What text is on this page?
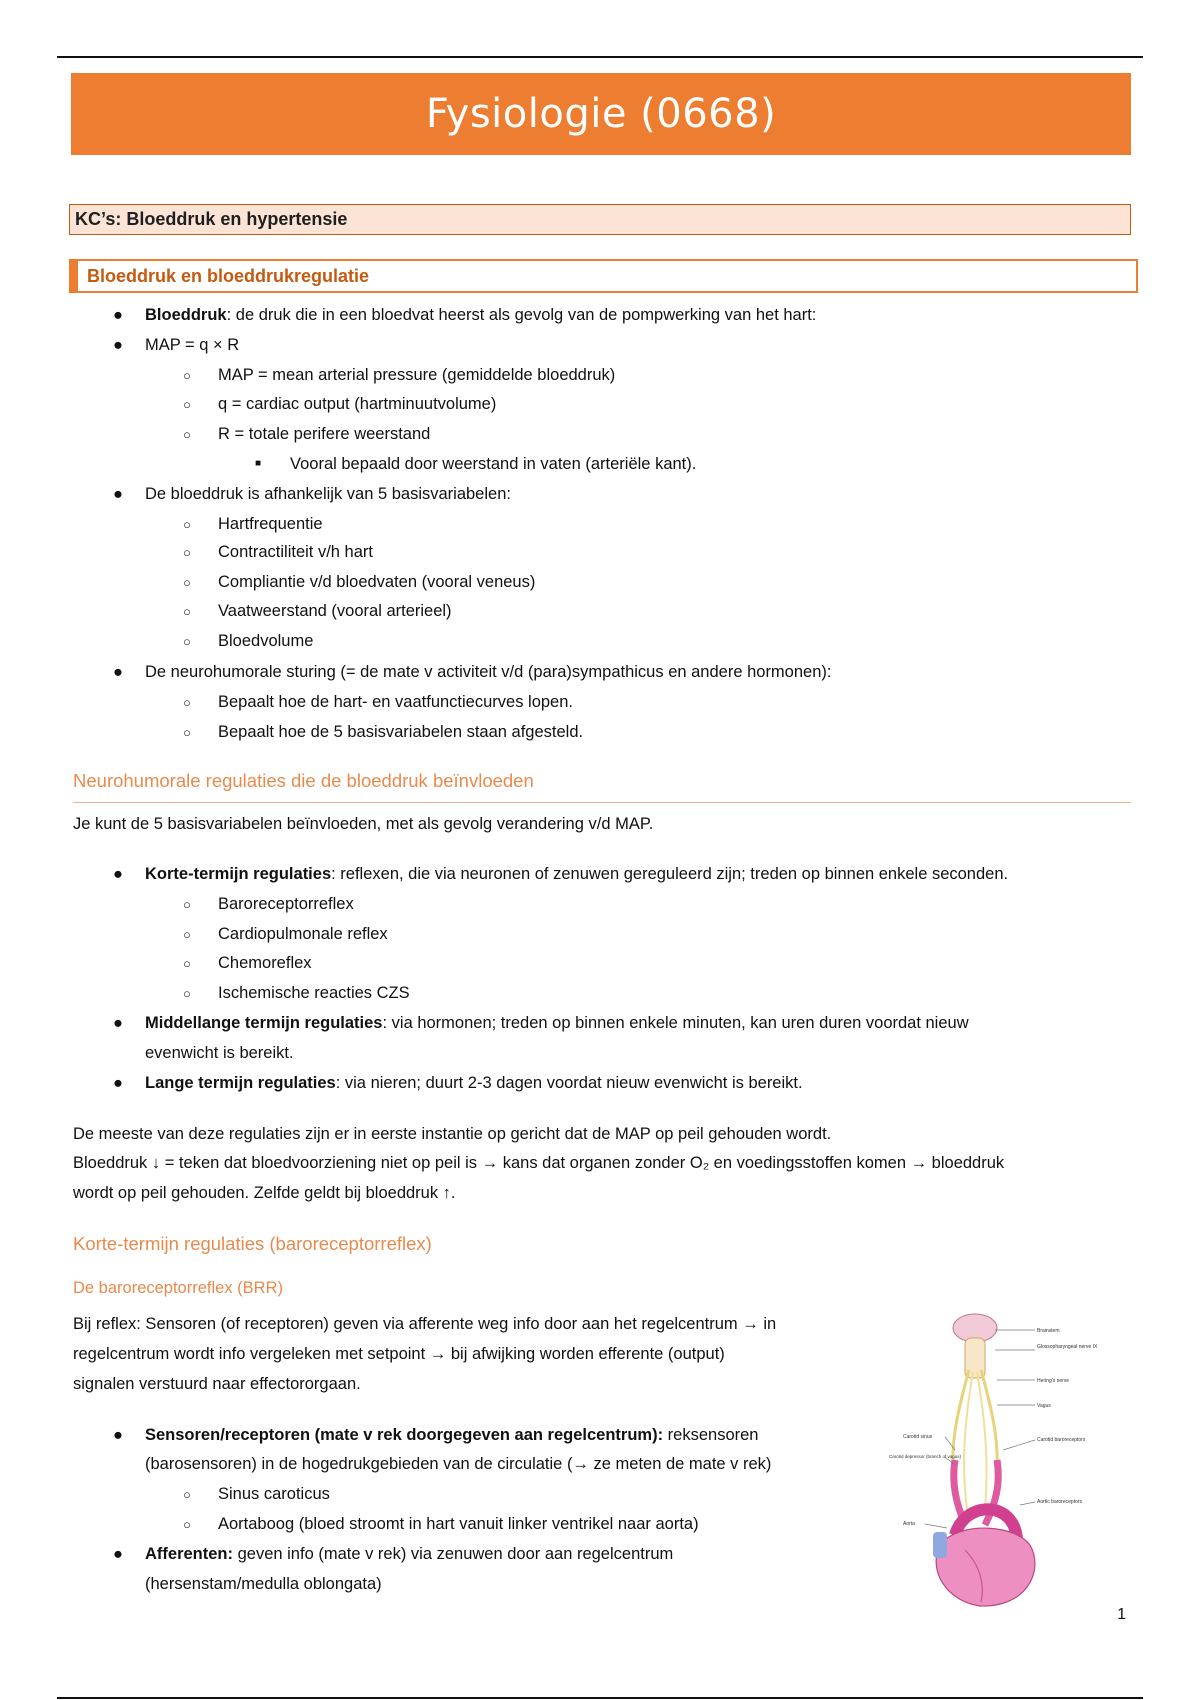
Fysiologie (0668)
KC’s: Bloeddruk en hypertensie
Bloeddruk en bloeddrukregulatie
● Bloeddruk: de druk die in een bloedvat heerst als gevolg van de pompwerking van het hart:
● MAP = q × R
○ MAP = mean arterial pressure (gemiddelde bloeddruk)
○ q = cardiac output (hartminuutvolume)
○ R = totale perifere weerstand
■ Vooral bepaald door weerstand in vaten (arteriële kant).
● De bloeddruk is afhankelijk van 5 basisvariabelen:
○ Hartfrequentie
○ Contractiliteit v/h hart
○ Compliantie v/d bloedvaten (vooral veneus)
○ Vaatweerstand (vooral arterieel)
○ Bloedvolume
● De neurohumorale sturing (= de mate v activiteit v/d (para)sympathicus en andere hormonen):
○ Bepaalt hoe de hart- en vaatfunctiecurves lopen.
○ Bepaalt hoe de 5 basisvariabelen staan afgesteld.
Neurohumorale regulaties die de bloeddruk beïnvloeden
Je kunt de 5 basisvariabelen beïnvloeden, met als gevolg verandering v/d MAP.
● Korte-termijn regulaties: reflexen, die via neuronen of zenuwen gereguleerd zijn; treden op binnen enkele seconden.
○ Baroreceptorreflex
○ Cardiopulmonale reflex
○ Chemoreflex
○ Ischemische reacties CZS
● Middellange termijn regulaties: via hormonen; treden op binnen enkele minuten, kan uren duren voordat nieuw
evenwicht is bereikt.
● Lange termijn regulaties: via nieren; duurt 2-3 dagen voordat nieuw evenwicht is bereikt.
De meeste van deze regulaties zijn er in eerste instantie op gericht dat de MAP op peil gehouden wordt.
Bloeddruk ↓ = teken dat bloedvoorziening niet op peil is → kans dat organen zonder O₂ en voedingsstoffen komen → bloeddruk
wordt op peil gehouden. Zelfde geldt bij bloeddruk ↑.
Korte-termijn regulaties (baroreceptorreflex)
De baroreceptorreflex (BRR)
Bij reflex: Sensoren (of receptoren) geven via afferente weg info door aan het regelcentrum → in
regelcentrum wordt info vergeleken met setpoint → bij afwijking worden efferente (output)
signalen verstuurd naar effectororgaan.
● Sensoren/receptoren (mate v rek doorgegeven aan regelcentrum): reksensoren
(barosensoren) in de hogedrukgebieden van de circulatie (→ ze meten de mate v rek)
○ Sinus caroticus
○ Aortaboog (bloed stroomt in hart vanuit linker ventrikel naar aorta)
● Afferenten: geven info (mate v rek) via zenuwen door aan regelcentrum
(hersenstam/medulla oblongata)
Brainstem
Glossopharyngeal nerve IX
Hering's nerve
Vagus
Carotid sinus	Carotid baroreceptors
Carotid depressor (branch of vagus)
Aortic baroreceptors
Aorta
1
